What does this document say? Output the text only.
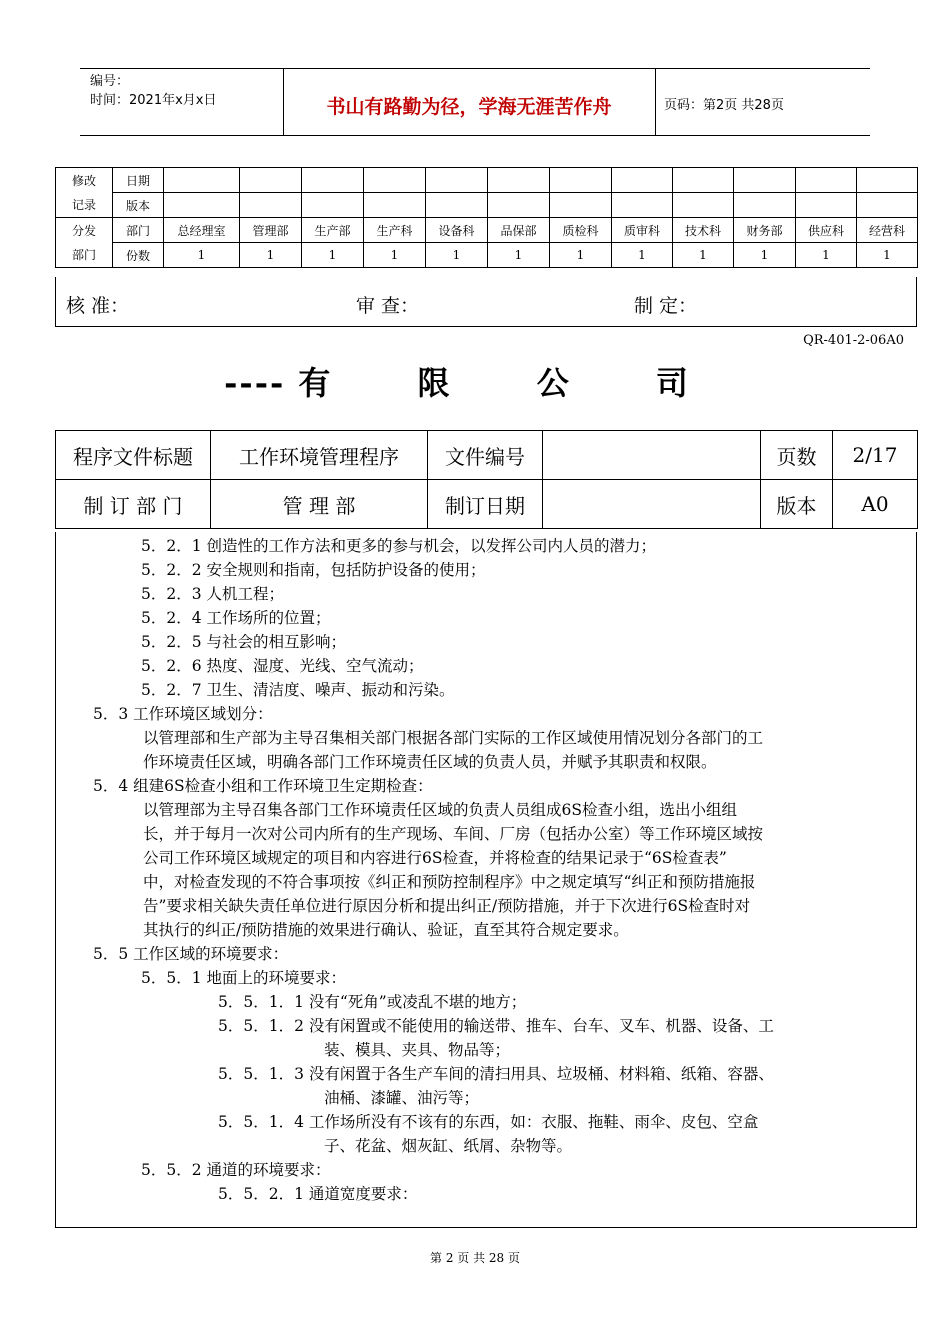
编号：
时间：2021年x月x日	书山有路勤为径，学海无涯苦作舟	页码：第2页 共28页
修改	日期												
记录	版本												
分发	部门	总经理室	管理部	生产部	生产科	设备科	品保部	质检科	质审科	技术科	财务部	供应科	经营科
部门	份数	1	1	1	1	1	1	1	1	1	1	1	1
核 准：	审 查：	制 定：
QR-401-2-06A0
---- 有 限 公 司
程序文件标题	工作环境管理程序	文件编号		页数	2/17
制 订 部 门	管 理 部	制订日期		版本	A0
5．2．1 创造性的工作方法和更多的参与机会，以发挥公司内人员的潜力；
5．2．2 安全规则和指南，包括防护设备的使用；
5．2．3 人机工程；
5．2．4 工作场所的位置；
5．2．5 与社会的相互影响；
5．2．6 热度、湿度、光线、空气流动；
5．2．7 卫生、清洁度、噪声、振动和污染。
5．3 工作环境区域划分：
以管理部和生产部为主导召集相关部门根据各部门实际的工作区域使用情况划分各部门的工
作环境责任区域，明确各部门工作环境责任区域的负责人员，并赋予其职责和权限。
5．4 组建6S检查小组和工作环境卫生定期检查：
以管理部为主导召集各部门工作环境责任区域的负责人员组成6S检查小组，选出小组组
长，并于每月一次对公司内所有的生产现场、车间、厂房（包括办公室）等工作环境区域按
公司工作环境区域规定的项目和内容进行6S检查，并将检查的结果记录于“6S检查表”
中，对检查发现的不符合事项按《纠正和预防控制程序》中之规定填写“纠正和预防措施报
告”要求相关缺失责任单位进行原因分析和提出纠正/预防措施，并于下次进行6S检查时对
其执行的纠正/预防措施的效果进行确认、验证，直至其符合规定要求。
5．5 工作区域的环境要求：
5．5．1 地面上的环境要求：
5．5．1．1 没有“死角”或凌乱不堪的地方；
5．5．1．2 没有闲置或不能使用的输送带、推车、台车、叉车、机器、设备、工
装、模具、夹具、物品等；
5．5．1．3 没有闲置于各生产车间的清扫用具、垃圾桶、材料箱、纸箱、容器、
油桶、漆罐、油污等；
5．5．1．4 工作场所没有不该有的东西，如：衣服、拖鞋、雨伞、皮包、空盒
子、花盆、烟灰缸、纸屑、杂物等。
5．5．2 通道的环境要求：
5．5．2．1 通道宽度要求：
第 2 页 共 28 页
